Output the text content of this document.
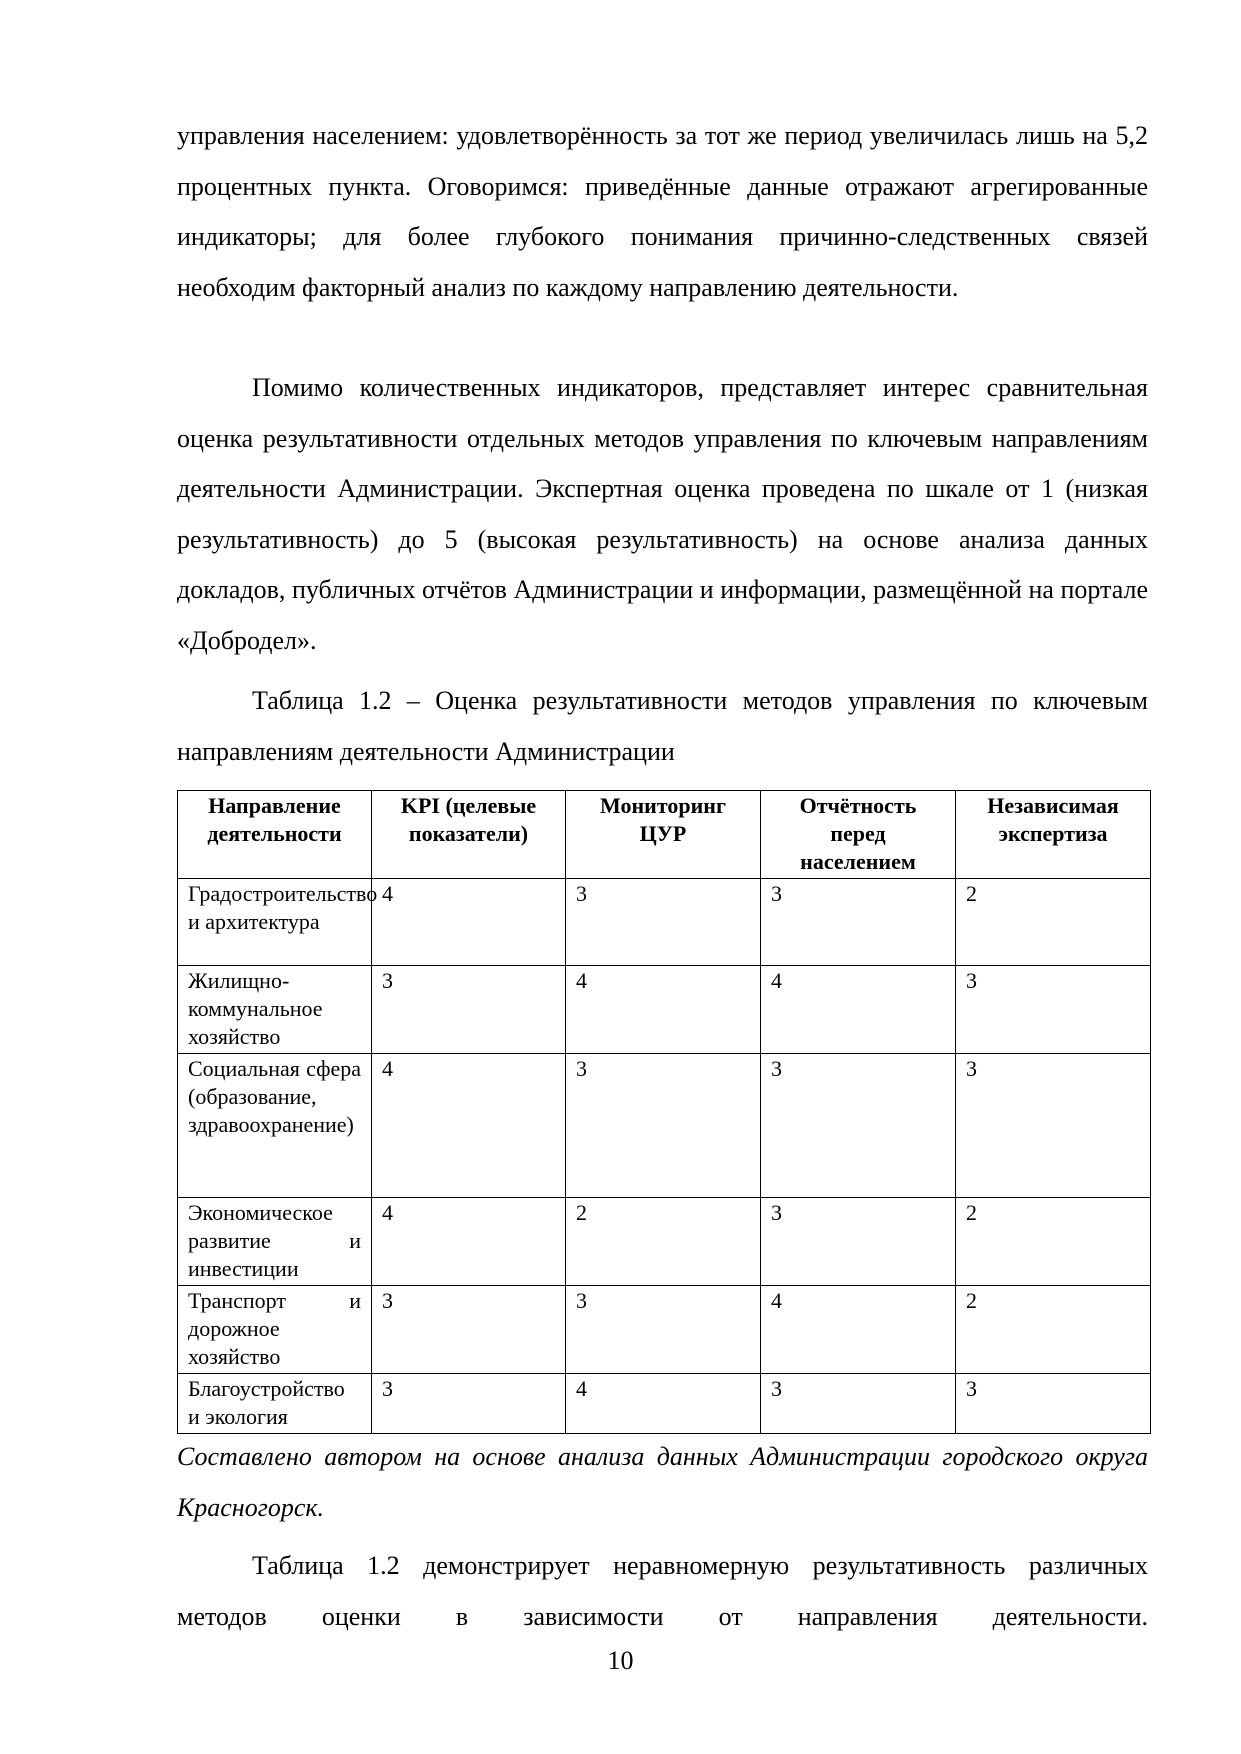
управления населением: удовлетворённость за тот же период увеличилась лишь на 5,2 процентных пункта. Оговоримся: приведённые данные отражают агрегированные индикаторы; для более глубокого понимания причинно-следственных связей необходим факторный анализ по каждому направлению деятельности.

Помимо количественных индикаторов, представляет интерес сравнительная оценка результативности отдельных методов управления по ключевым направлениям деятельности Администрации. Экспертная оценка проведена по шкале от 1 (низкая результативность) до 5 (высокая результативность) на основе анализа данных докладов, публичных отчётов Администрации и информации, размещённой на портале «Добродел».

Таблица 1.2 – Оценка результативности методов управления по ключевым направлениям деятельности Администрации

Направление деятельности	KPI (целевые показатели)	Мониторинг ЦУР	Отчётность перед населением	Независимая экспертиза
Градостроительство и архитектура	4	3	3	2
Жилищно-коммунальное хозяйство	3	4	4	3
Социальная сфера (образование, здравоохранение)	4	3	3	3
Экономическое развитие и инвестиции	4	2	3	2
Транспорт и дорожное хозяйство	3	3	4	2
Благоустройство и экология	3	4	3	3

Составлено автором на основе анализа данных Администрации городского округа Красногорск.

Таблица 1.2 демонстрирует неравномерную результативность различных методов оценки в зависимости от направления деятельности.

10
